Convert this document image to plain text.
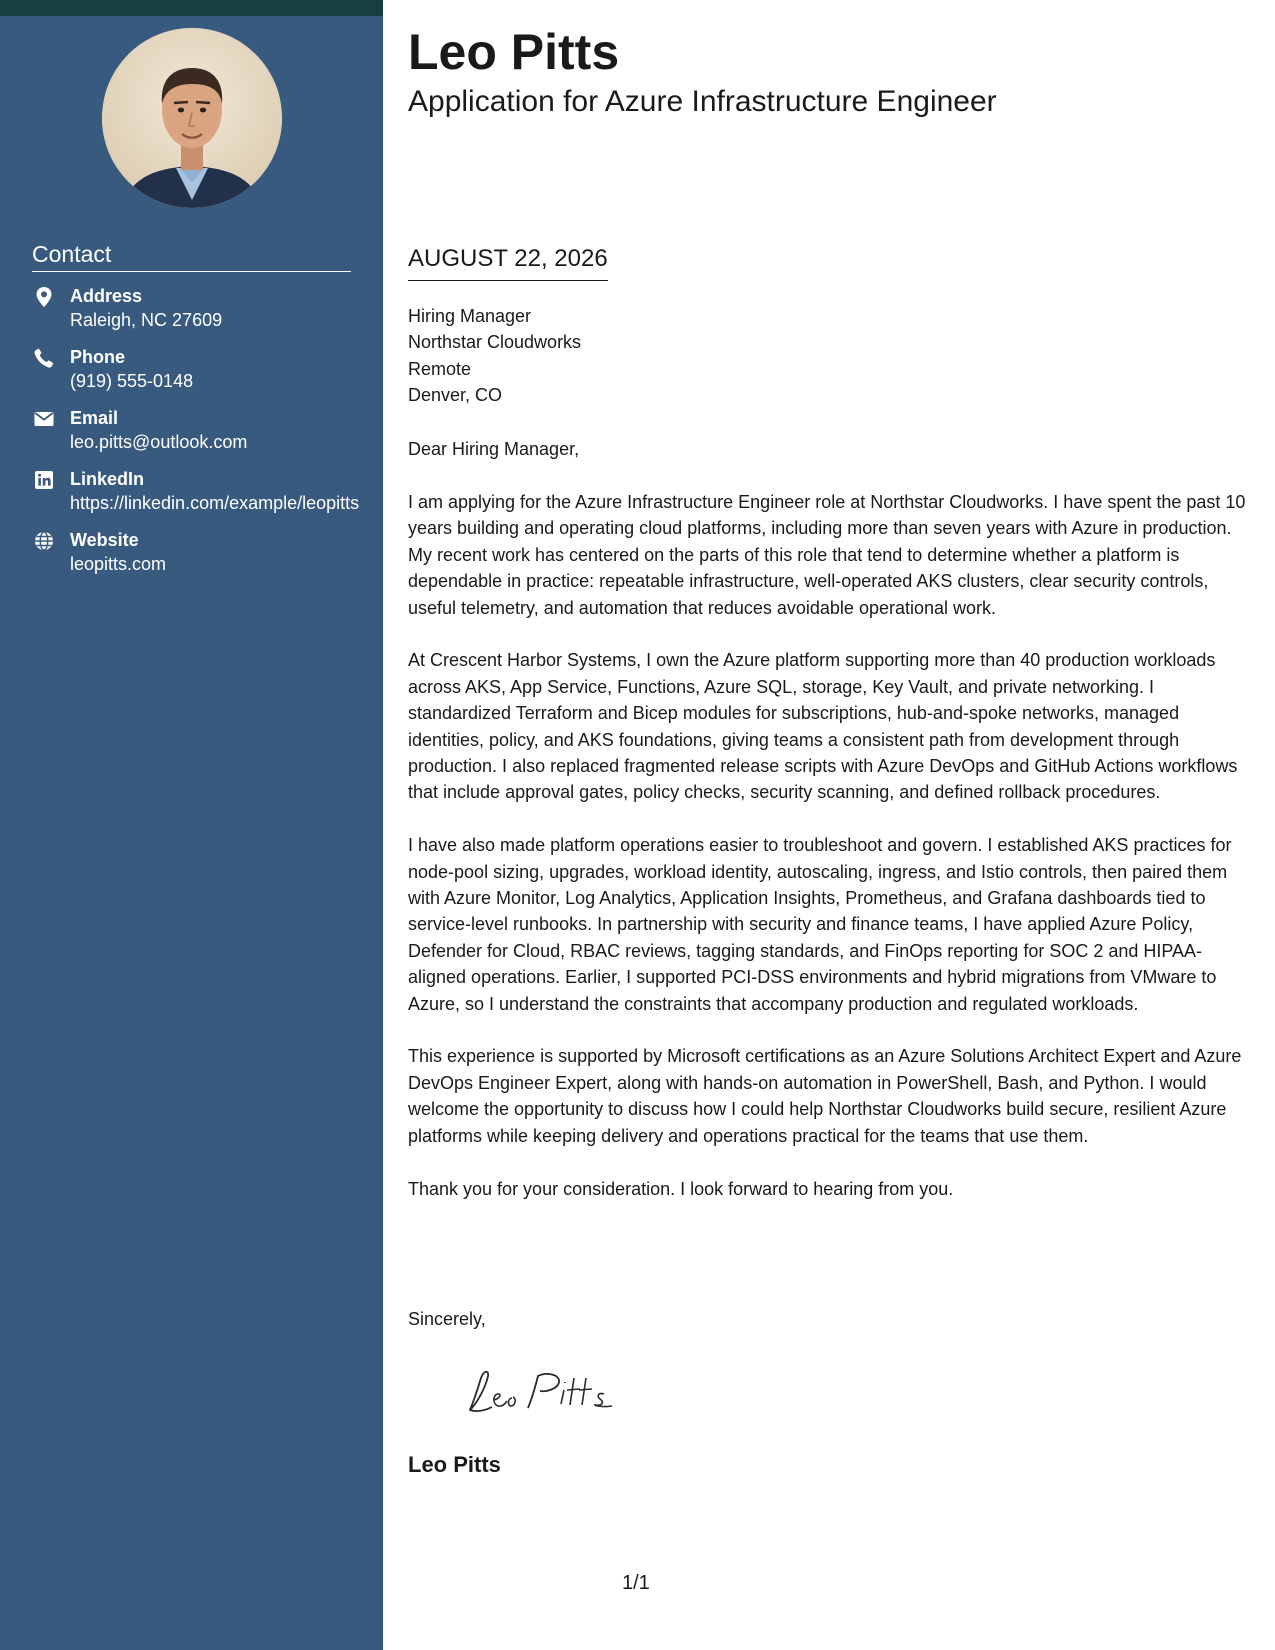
Contact
Address
Raleigh, NC 27609
Phone
(919) 555-0148
Email
leo.pitts@outlook.com
LinkedIn
https://linkedin.com/example/leopitts
Website
leopitts.com
Leo Pitts
Application for Azure Infrastructure Engineer
AUGUST 22, 2026
Hiring Manager
Northstar Cloudworks
Remote
Denver, CO

Dear Hiring Manager,

I am applying for the Azure Infrastructure Engineer role at Northstar Cloudworks. I have spent the past 10 years building and operating cloud platforms, including more than seven years with Azure in production. My recent work has centered on the parts of this role that tend to determine whether a platform is dependable in practice: repeatable infrastructure, well-operated AKS clusters, clear security controls, useful telemetry, and automation that reduces avoidable operational work.

At Crescent Harbor Systems, I own the Azure platform supporting more than 40 production workloads across AKS, App Service, Functions, Azure SQL, storage, Key Vault, and private networking. I standardized Terraform and Bicep modules for subscriptions, hub-and-spoke networks, managed identities, policy, and AKS foundations, giving teams a consistent path from development through production. I also replaced fragmented release scripts with Azure DevOps and GitHub Actions workflows that include approval gates, policy checks, security scanning, and defined rollback procedures.

I have also made platform operations easier to troubleshoot and govern. I established AKS practices for node-pool sizing, upgrades, workload identity, autoscaling, ingress, and Istio controls, then paired them with Azure Monitor, Log Analytics, Application Insights, Prometheus, and Grafana dashboards tied to service-level runbooks. In partnership with security and finance teams, I have applied Azure Policy, Defender for Cloud, RBAC reviews, tagging standards, and FinOps reporting for SOC 2 and HIPAA-aligned operations. Earlier, I supported PCI-DSS environments and hybrid migrations from VMware to Azure, so I understand the constraints that accompany production and regulated workloads.

This experience is supported by Microsoft certifications as an Azure Solutions Architect Expert and Azure DevOps Engineer Expert, along with hands-on automation in PowerShell, Bash, and Python. I would welcome the opportunity to discuss how I could help Northstar Cloudworks build secure, resilient Azure platforms while keeping delivery and operations practical for the teams that use them.

Thank you for your consideration. I look forward to hearing from you.

Sincerely,

Leo Pitts

1/1
